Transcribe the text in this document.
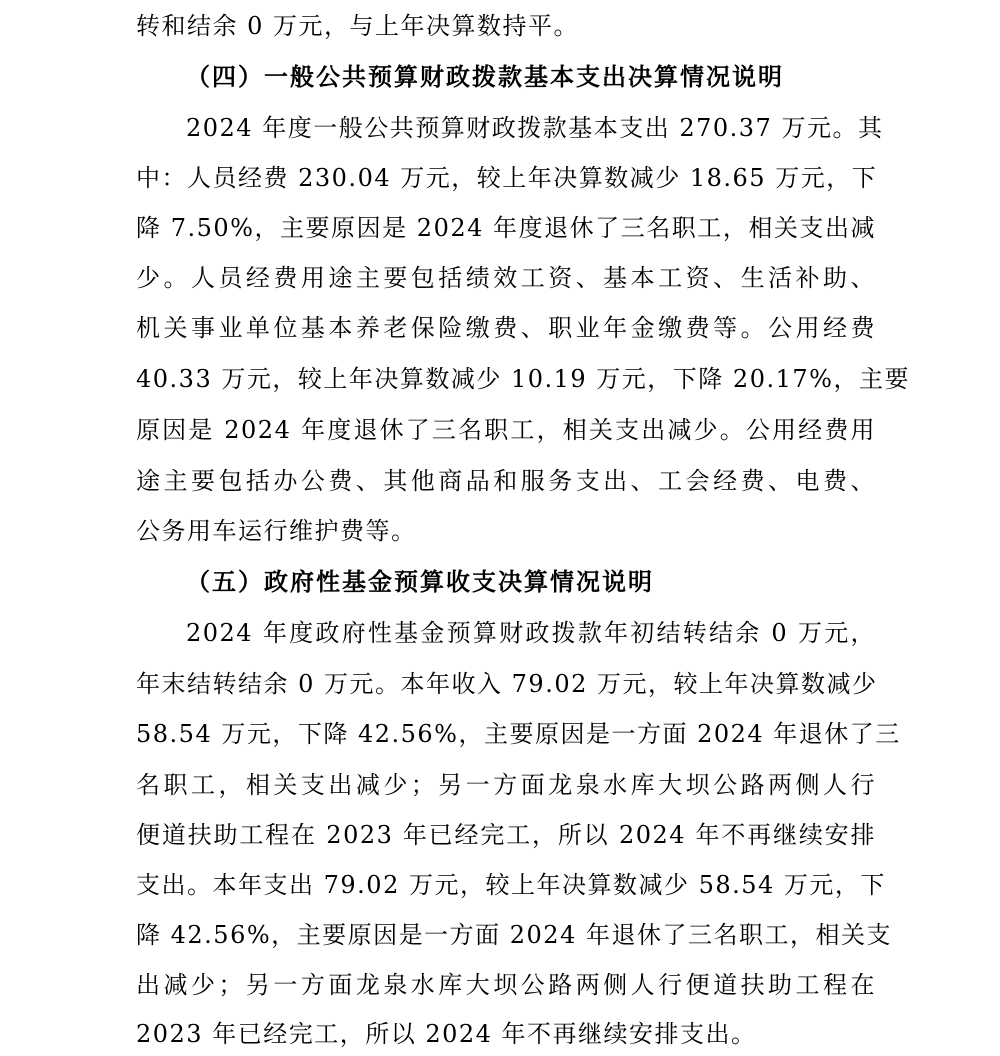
转和结余 0 万元，与上年决算数持平。
（四）一般公共预算财政拨款基本支出决算情况说明
2024 年度一般公共预算财政拨款基本支出 270.37 万元。其
中：人员经费 230.04 万元，较上年决算数减少 18.65 万元，下
降 7.50%，主要原因是 2024 年度退休了三名职工，相关支出减
少。人员经费用途主要包括绩效工资、基本工资、生活补助、
机关事业单位基本养老保险缴费、职业年金缴费等。公用经费
40.33 万元，较上年决算数减少 10.19 万元，下降 20.17%，主要
原因是 2024 年度退休了三名职工，相关支出减少。公用经费用
途主要包括办公费、其他商品和服务支出、工会经费、电费、
公务用车运行维护费等。
（五）政府性基金预算收支决算情况说明
2024 年度政府性基金预算财政拨款年初结转结余 0 万元，
年末结转结余 0 万元。本年收入 79.02 万元，较上年决算数减少
58.54 万元，下降 42.56%，主要原因是一方面 2024 年退休了三
名职工，相关支出减少；另一方面龙泉水库大坝公路两侧人行
便道扶助工程在 2023 年已经完工，所以 2024 年不再继续安排
支出。本年支出 79.02 万元，较上年决算数减少 58.54 万元，下
降 42.56%，主要原因是一方面 2024 年退休了三名职工，相关支
出减少；另一方面龙泉水库大坝公路两侧人行便道扶助工程在
2023 年已经完工，所以 2024 年不再继续安排支出。
